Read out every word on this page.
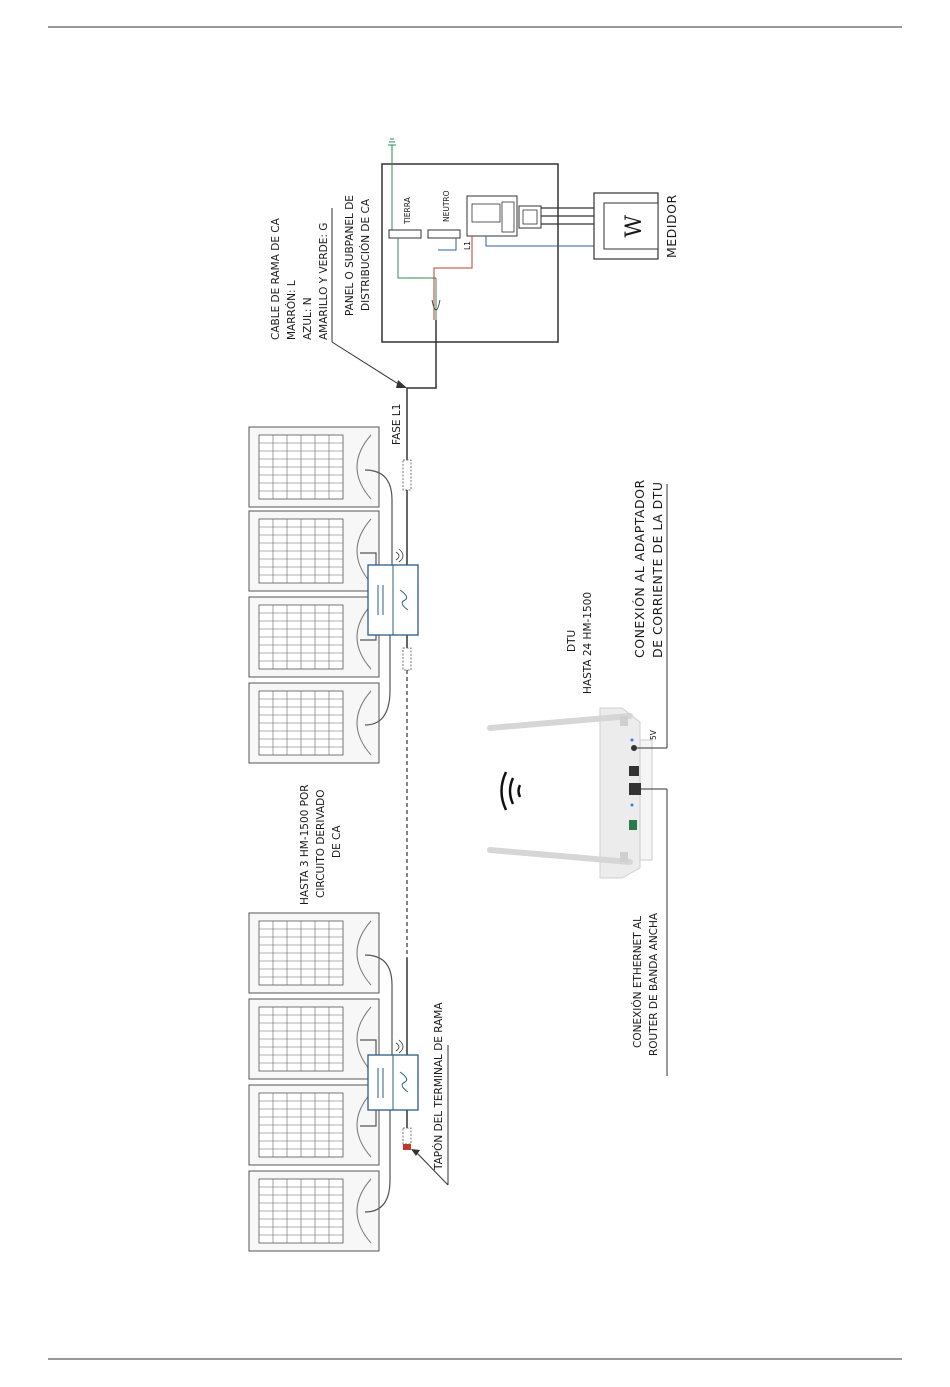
TIERRA	NEUTRO
L1
W MEDIDOR
PANEL O SUBPANEL DE DISTRIBUCIÓN DE CA
CABLE DE RAMA DE CA MARRÓN: L AZUL: N AMARILLO Y VERDE: G
FASE L1
HASTA 3 HM-1500 POR CIRCUITO DERIVADO DE CA
TAPÓN DEL TERMINAL DE RAMA
5V
DTU HASTA 24 HM-1500	CONEXIÓN AL ADAPTADOR DE CORRIENTE DE LA DTU
CONEXIÓN ETHERNET AL ROUTER DE BANDA ANCHA
